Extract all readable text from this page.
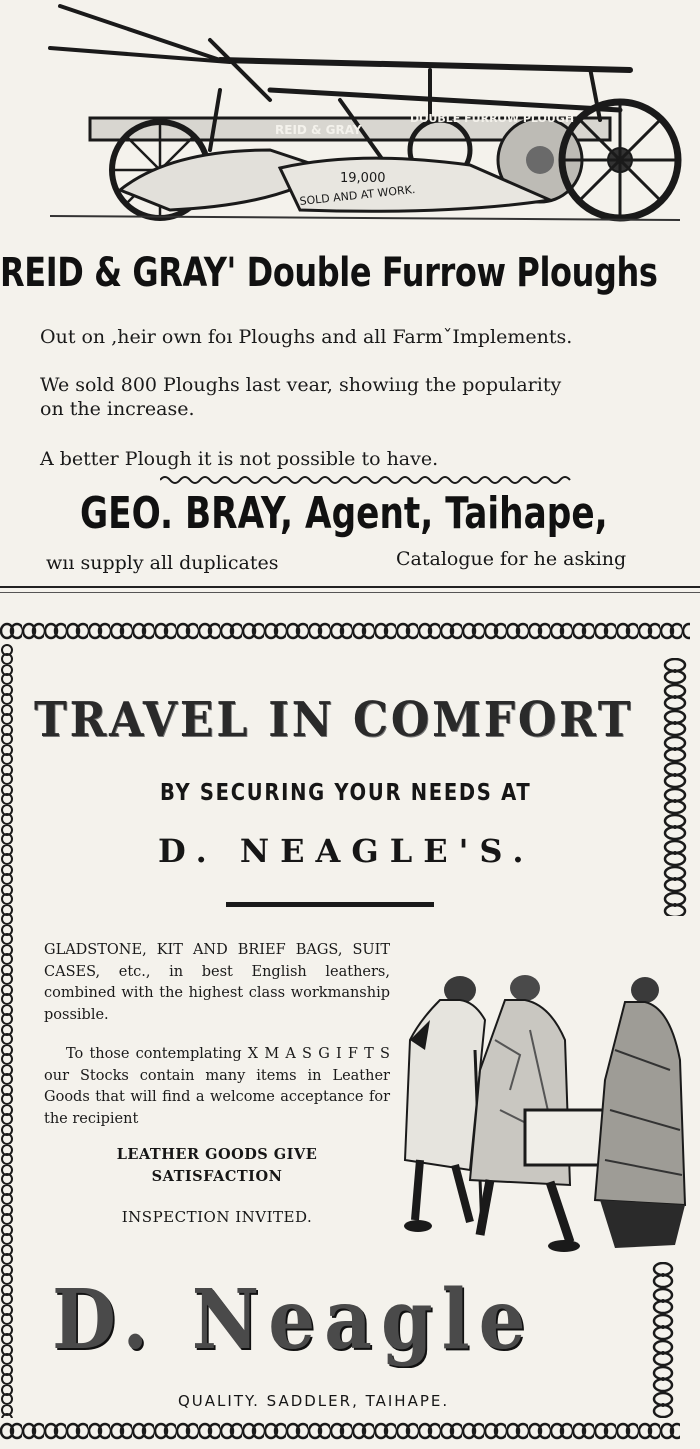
REID & GRAY
DOUBLE FURROW PLOUGH
19,000
SOLD AND AT WORK.
REID & GRAY' Double Furrow Ploughs
Out on ,heir own foı Ploughs and all FarmˇImplements.
We sold 800 Ploughs last vear, showiııg the popularity
on the increase.
A better Plough it is not possible to have.
GEO. BRAY, Agent, Taihape,
wıı supply all duplicates	Catalogue for he asking
TRAVEL IN COMFORT
BY SECURING YOUR NEEDS AT
D. NEAGLE'S.
GLADSTONE, KIT AND BRIEF BAGS, SUIT CASES, etc., in best English leathers, combined with the highest class workmanship possible.
To those contemplating X M A S G I F T S our Stocks contain many items in Leather Goods that will find a welcome acceptance for the recipient
LEATHER GOODS GIVE
SATISFACTION
INSPECTION INVITED.
D. Neagle
QUALITY. SADDLER, TAIHAPE.
